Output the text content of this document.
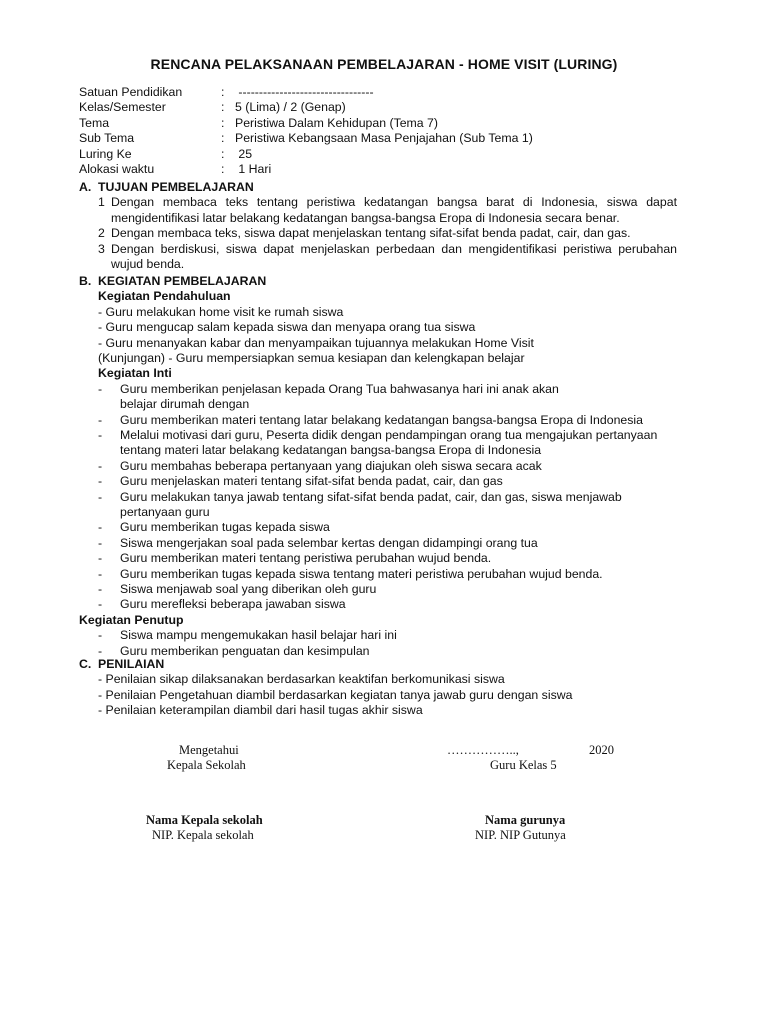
RENCANA PELAKSANAAN PEMBELAJARAN - HOME VISIT (LURING)
Satuan Pendidikan	: ---------------------------------
Kelas/Semester	: 5 (Lima) / 2 (Genap)
Tema	: Peristiwa Dalam Kehidupan (Tema 7)
Sub Tema	: Peristiwa Kebangsaan Masa Penjajahan (Sub Tema 1)
Luring Ke	: 25
Alokasi waktu	: 1 Hari
A. TUJUAN PEMBELAJARAN
1 Dengan membaca teks tentang peristiwa kedatangan bangsa barat di Indonesia, siswa dapat mengidentifikasi latar belakang kedatangan bangsa-bangsa Eropa di Indonesia secara benar.
2 Dengan membaca teks, siswa dapat menjelaskan tentang sifat-sifat benda padat, cair, dan gas.
3 Dengan berdiskusi, siswa dapat menjelaskan perbedaan dan mengidentifikasi peristiwa perubahan wujud benda.
B. KEGIATAN PEMBELAJARAN
Kegiatan Pendahuluan
- Guru melakukan home visit ke rumah siswa
- Guru mengucap salam kepada siswa dan menyapa orang tua siswa
- Guru menanyakan kabar dan menyampaikan tujuannya melakukan Home Visit
(Kunjungan) - Guru mempersiapkan semua kesiapan dan kelengkapan belajar
Kegiatan Inti
- Guru memberikan penjelasan kepada Orang Tua bahwasanya hari ini anak akan belajar dirumah dengan
- Guru memberikan materi tentang latar belakang kedatangan bangsa-bangsa Eropa di Indonesia
- Melalui motivasi dari guru, Peserta didik dengan pendampingan orang tua mengajukan pertanyaan tentang materi latar belakang kedatangan bangsa-bangsa Eropa di Indonesia
- Guru membahas beberapa pertanyaan yang diajukan oleh siswa secara acak
- Guru menjelaskan materi tentang sifat-sifat benda padat, cair, dan gas
- Guru melakukan tanya jawab tentang sifat-sifat benda padat, cair, dan gas, siswa menjawab pertanyaan guru
- Guru memberikan tugas kepada siswa
- Siswa mengerjakan soal pada selembar kertas dengan didampingi orang tua
- Guru memberikan materi tentang peristiwa perubahan wujud benda.
- Guru memberikan tugas kepada siswa tentang materi peristiwa perubahan wujud benda.
- Siswa menjawab soal yang diberikan oleh guru
- Guru merefleksi beberapa jawaban siswa
Kegiatan Penutup
- Siswa mampu mengemukakan hasil belajar hari ini
- Guru memberikan penguatan dan kesimpulan
C. PENILAIAN
- Penilaian sikap dilaksanakan berdasarkan keaktifan berkomunikasi siswa
- Penilaian Pengetahuan diambil berdasarkan kegiatan tanya jawab guru dengan siswa
- Penilaian keterampilan diambil dari hasil tugas akhir siswa
Mengetahui
Kepala Sekolah
……………..,	2020
Guru Kelas 5
Nama Kepala sekolah
NIP. Kepala sekolah
Nama gurunya
NIP. NIP Gutunya
